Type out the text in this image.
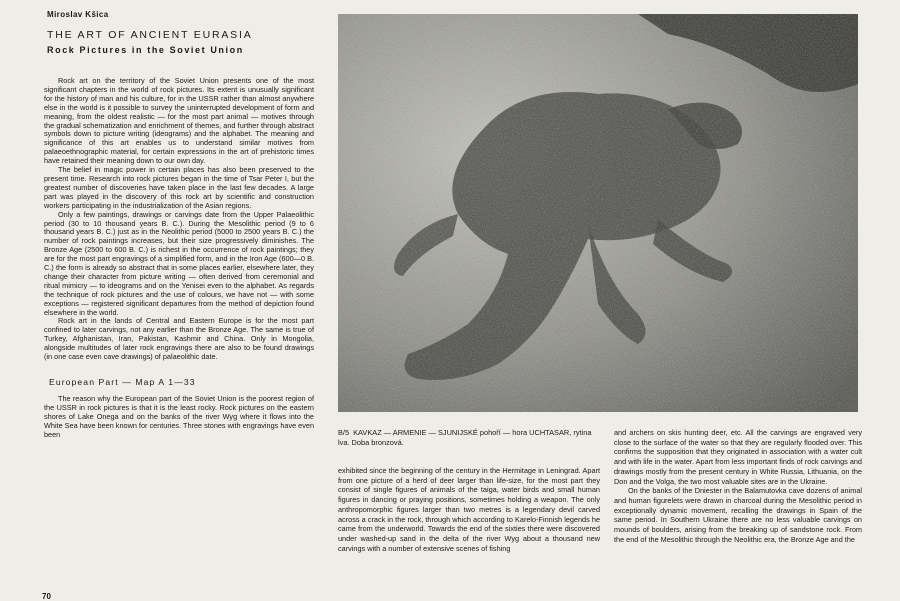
Miroslav Kšica
THE ART OF ANCIENT EURASIA
Rock Pictures in the Soviet Union

Rock art on the territory of the Soviet Union presents one of the most significant chapters in the world of rock pictures. Its extent is unusually significant for the history of man and his culture, for in the USSR rather than almost anywhere else in the world is it possible to survey the uninterrupted development of form and meaning, from the oldest realistic — for the most part animal — motives through the gradual schematization and enrichment of themes, and further through abstract symbols down to picture writing (ideograms) and the alphabet. The meaning and significance of this art enables us to understand similar motives from palaeoethnographic material, for certain expressions in the art of prehistoric times have retained their meaning down to our own day.

The belief in magic power in certain places has also been preserved to the present time. Research into rock pictures began in the time of Tsar Peter I, but the greatest number of discoveries have taken place in the last few decades. A large part was played in the discovery of this rock art by scientific and construction workers participating in the industrialization of the Asian regions.

Only a few paintings, drawings or carvings date from the Upper Palaeolithic period (30 to 10 thousand years B. C.). During the Mesolithic period (9 to 6 thousand years B. C.) just as in the Neolithic period (5000 to 2500 years B. C.) the number of rock paintings increases, but their size progressively diminishes. The Bronze Age (2500 to 600 B. C.) is richest in the occurrence of rock paintings; they are for the most part engravings of a simplified form, and in the Iron Age (600—0 B. C.) the form is already so abstract that in some places earlier, elsewhere later, they change their character from picture writing — often derived from ceremonial and ritual mimicry — to ideograms and on the Yenisei even to the alphabet. As regards the technique of rock pictures and the use of colours, we have not — with some exceptions — registered significant departures from the method of depiction found elsewhere in the world.

Rock art in the lands of Central and Eastern Europe is for the most part confined to later carvings, not any earlier than the Bronze Age. The same is true of Turkey, Afghanistan, Iran, Pakistan, Kashmir and China. Only in Mongolia, alongside multitudes of later rock engravings there are also to be found drawings (in one case even cave drawings) of palaeolithic date.

European Part — Map A 1—33

The reason why the European part of the Soviet Union is the poorest region of the USSR in rock pictures is that it is the least rocky. Rock pictures on the eastern shores of Lake Onega and on the banks of the river Wyg where it flows into the White Sea have been known for centuries. Three stones with engravings have even been	B/5 KAVKAZ — ARMENIE — SJUNIJSKÉ pohoří — hora UCHTASAR, rytina lva. Doba bronzová.

exhibited since the beginning of the century in the Hermitage in Leningrad. Apart from one picture of a herd of deer larger than life-size, for the most part they consist of single figures of animals of the taiga, water birds and small human figures in dancing or praying positions, sometimes holding a weapon. The only anthropomorphic figures larger than two metres is a legendary devil carved across a crack in the rock, through which according to Karelo-Finnish legends he came from the underworld. Towards the end of the sixties there were discovered under washed-up sand in the delta of the river Wyg about a thousand new carvings with a number of extensive scenes of fishing

and archers on skis hunting deer, etc. All the carvings are engraved very close to the surface of the water so that they are regularly flooded over. This confirms the supposition that they originated in association with a water cult and with life in the water. Apart from less important finds of rock carvings and drawings mostly from the present century in White Russia, Lithuania, on the Don and the Volga, the two most valuable sites are in the Ukraine.

On the banks of the Dniester in the Balamutovka cave dozens of animal and human figurelets were drawn in charcoal during the Mesolithic period in exceptionally dynamic movement, recalling the drawings in Spain of the same period. In Southern Ukraine there are no less valuable carvings on mounds of boulders, arising from the breaking up of sandstone rock. From the end of the Mesolithic through the Neolithic era, the Bronze Age and the

70
